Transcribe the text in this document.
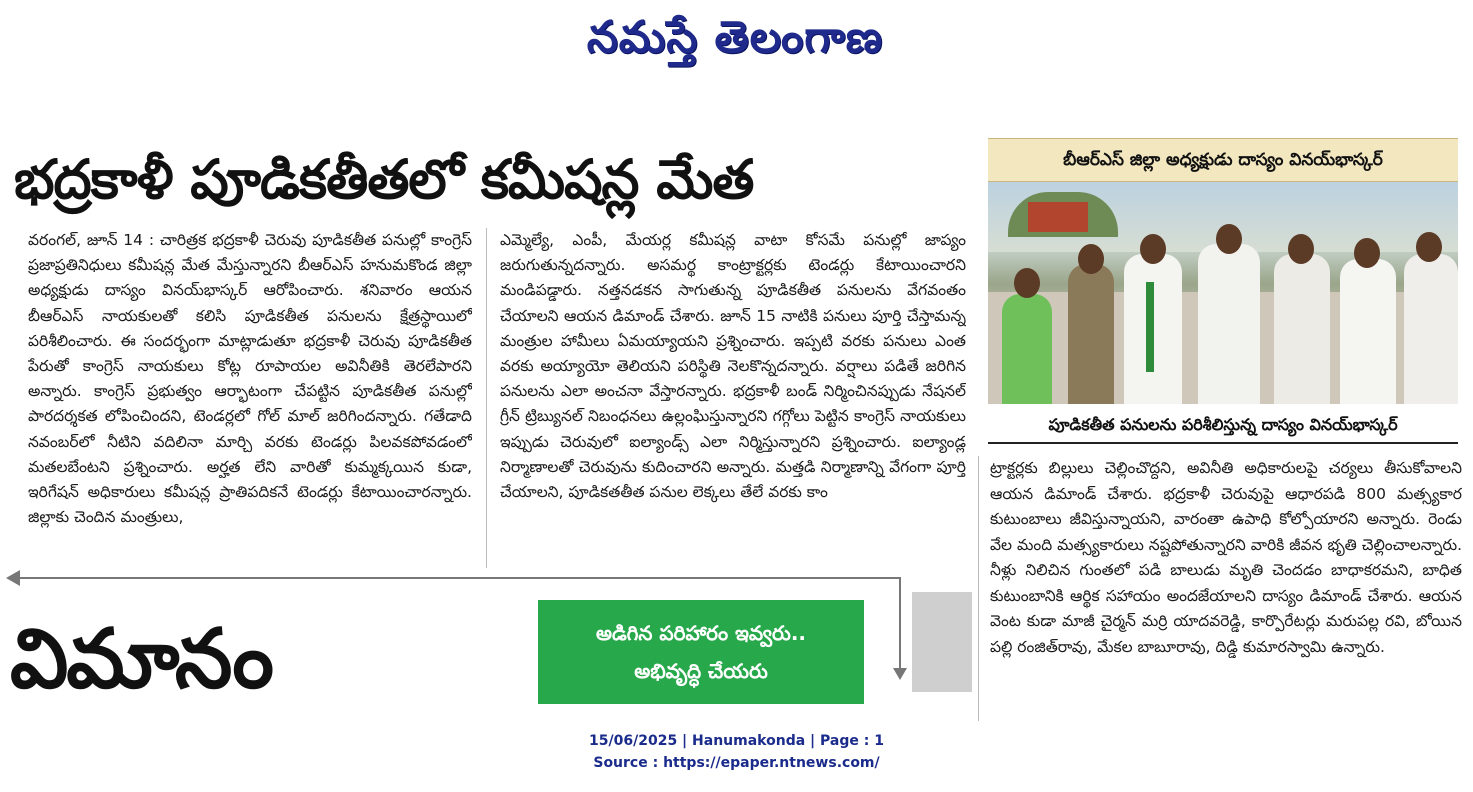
నమస్తే తెలంగాణ
భద్రకాళీ పూడికతీతలో కమీషన్ల మేత

వరంగల్‌, జూన్‌ 14 : చారిత్రక భద్రకాళీ చెరువు పూడికతీత పనుల్లో కాంగ్రెస్‌ ప్రజాప్రతినిధులు కమీషన్ల మేత మేస్తున్నారని బీఆర్‌ఎస్‌ హనుమకొండ జిల్లా అధ్యక్షుడు దాస్యం వినయ్‌భాస్కర్‌ ఆరోపించారు. శనివారం ఆయన బీఆర్‌ఎస్‌ నాయకులతో కలిసి పూడికతీత పనులను క్షేత్రస్థాయిలో పరిశీలించారు. ఈ సందర్భంగా మాట్లాడుతూ భద్రకాళీ చెరువు పూడికతీత పేరుతో కాంగ్రెస్‌ నాయకులు కోట్ల రూపాయల అవినీతికి తెరలేపారని అన్నారు. కాంగ్రెస్‌ ప్రభుత్వం ఆర్భాటంగా చేపట్టిన పూడికతీత పనుల్లో పారదర్శకత లోపించిందని, టెండర్లలో గోల్‌ మాల్‌ జరిగిందన్నారు. గతేడాది నవంబర్‌లో నీటిని వదిలినా మార్చి వరకు టెండర్లు పిలవకపోవడంలో మతలబేంటని ప్రశ్నించారు. అర్హత లేని వారితో కుమ్మక్కయిన కుడా, ఇరిగేషన్‌ అధికారులు కమీషన్ల ప్రాతిపదికనే టెండర్లు కేటాయించారన్నారు. జిల్లాకు చెందిన మంత్రులు,

ఎమ్మెల్యే, ఎంపీ, మేయర్ల కమీషన్ల వాటా కోసమే పనుల్లో జాప్యం జరుగుతున్నదన్నారు. అసమర్థ కాంట్రాక్టర్లకు టెండర్లు కేటాయించారని మండిపడ్డారు. నత్తనడకన సాగుతున్న పూడికతీత పనులను వేగవంతం చేయాలని ఆయన డిమాండ్‌ చేశారు. జూన్‌ 15 నాటికి పనులు పూర్తి చేస్తామన్న మంత్రుల హామీలు ఏమయ్యాయని ప్రశ్నించారు. ఇప్పటి వరకు పనులు ఎంత వరకు అయ్యాయో తెలియని పరిస్థితి నెలకొన్నదన్నారు. వర్షాలు పడితే జరిగిన పనులను ఎలా అంచనా వేస్తారన్నారు. భద్రకాళీ బండ్‌ నిర్మించినప్పుడు నేషనల్‌ గ్రీన్‌ ట్రిబ్యునల్‌ నిబంధనలు ఉల్లంఘిస్తున్నారని గగ్గోలు పెట్టిన కాంగ్రెస్‌ నాయకులు ఇప్పుడు చెరువులో ఐల్యాండ్స్‌ ఎలా నిర్మిస్తున్నారని ప్రశ్నించారు. ఐల్యాండ్ల నిర్మాణాలతో చెరువును కుదించారని అన్నారు. మత్తడి నిర్మాణాన్ని వేగంగా పూర్తి చేయాలని, పూడికతతీత పనుల లెక్కలు తేలే వరకు కాం

బీఆర్‌ఎస్‌ జిల్లా అధ్యక్షుడు దాస్యం వినయ్‌భాస్కర్‌
పూడికతీత పనులను పరిశీలిస్తున్న దాస్యం వినయ్‌భాస్కర్‌

ట్రాక్టర్లకు బిల్లులు చెల్లించొద్దని, అవినీతి అధికారులపై చర్యలు తీసుకోవాలని ఆయన డిమాండ్‌ చేశారు. భద్రకాళీ చెరువుపై ఆధారపడి 800 మత్స్యకార కుటుంబాలు జీవిస్తున్నాయని, వారంతా ఉపాధి కోల్పోయారని అన్నారు. రెండు వేల మంది మత్స్యకారులు నష్టపోతున్నారని వారికి జీవన భృతి చెల్లించాలన్నారు. నీళ్లు నిలిచిన గుంతలో పడి బాలుడు మృతి చెందడం బాధాకరమని, బాధిత కుటుంబానికి ఆర్థిక సహాయం అందజేయాలని దాస్యం డిమాండ్‌ చేశారు. ఆయన వెంట కుడా మాజీ చైర్మన్‌ మర్రి యాదవరెడ్డి, కార్పొరేటర్లు మరుపల్ల రవి, బోయిన పల్లి రంజిత్‌రావు, మేకల బాబూరావు, దిడ్డి కుమారస్వామి ఉన్నారు.

విమానం	అడిగిన పరిహారం ఇవ్వరు..
అభివృద్ధి చేయరు
15/06/2025 | Hanumakonda | Page : 1
Source : https://epaper.ntnews.com/
